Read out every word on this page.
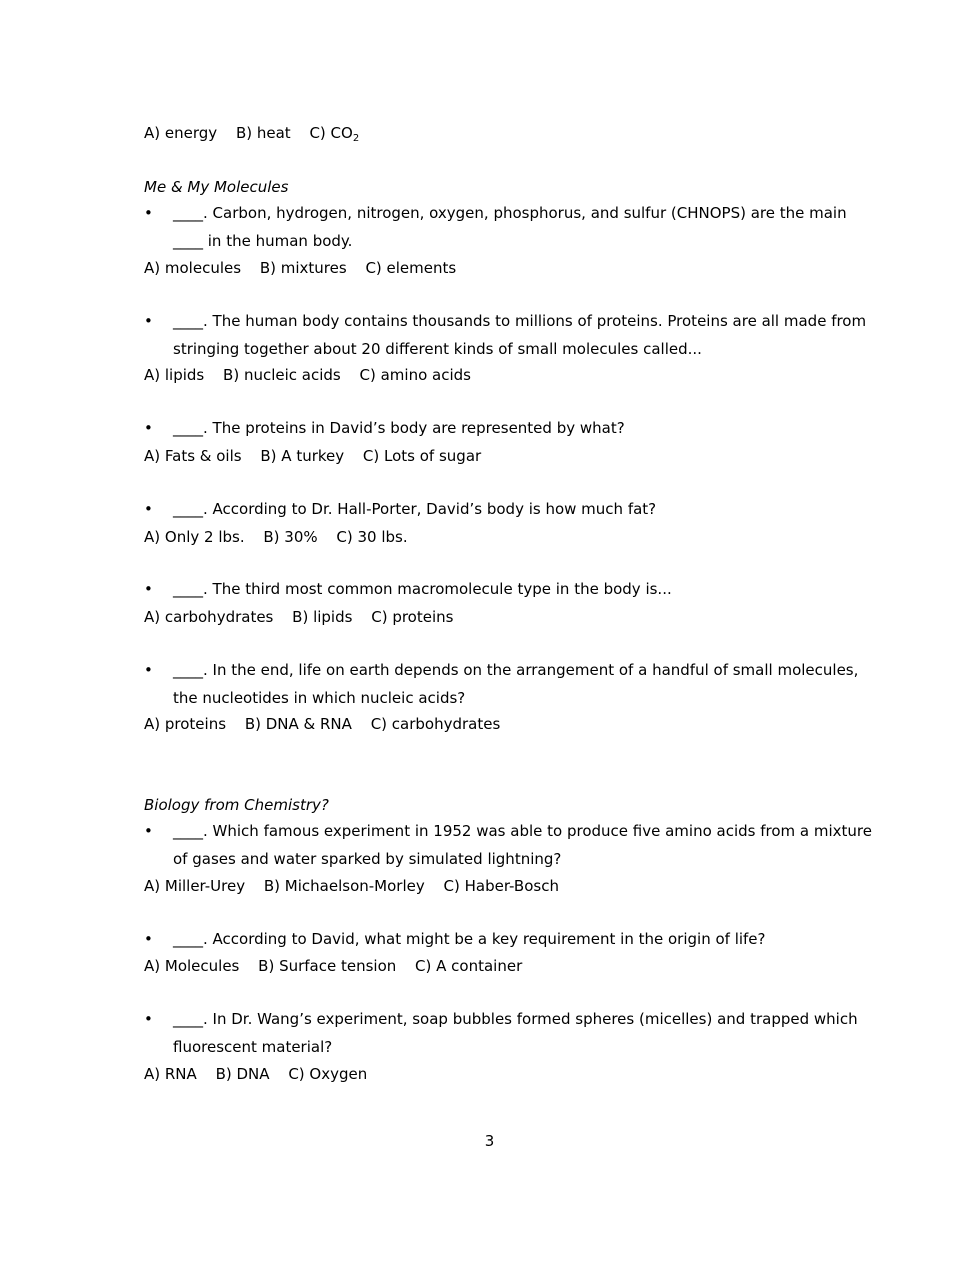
A) energy B) heat C) $CO_2$
Me & My Molecules
• ____. Carbon, hydrogen, nitrogen, oxygen, phosphorus, and sulfur (CHNOPS) are the main
____ in the human body.
A) molecules B) mixtures C) elements
• ____. The human body contains thousands to millions of proteins. Proteins are all made from
stringing together about 20 different kinds of small molecules called...
A) lipids B) nucleic acids C) amino acids
• ____. The proteins in David’s body are represented by what?
A) Fats & oils B) A turkey C) Lots of sugar
• ____. According to Dr. Hall-Porter, David’s body is how much fat?
A) Only 2 lbs. B) 30% C) 30 lbs.
• ____. The third most common macromolecule type in the body is...
A) carbohydrates B) lipids C) proteins
• ____. In the end, life on earth depends on the arrangement of a handful of small molecules,
the nucleotides in which nucleic acids?
A) proteins B) DNA & RNA C) carbohydrates
Biology from Chemistry?
• ____. Which famous experiment in 1952 was able to produce five amino acids from a mixture
of gases and water sparked by simulated lightning?
A) Miller-Urey B) Michaelson-Morley C) Haber-Bosch
• ____. According to David, what might be a key requirement in the origin of life?
A) Molecules B) Surface tension C) A container
• ____. In Dr. Wang’s experiment, soap bubbles formed spheres (micelles) and trapped which
fluorescent material?
A) RNA B) DNA C) Oxygen
3
